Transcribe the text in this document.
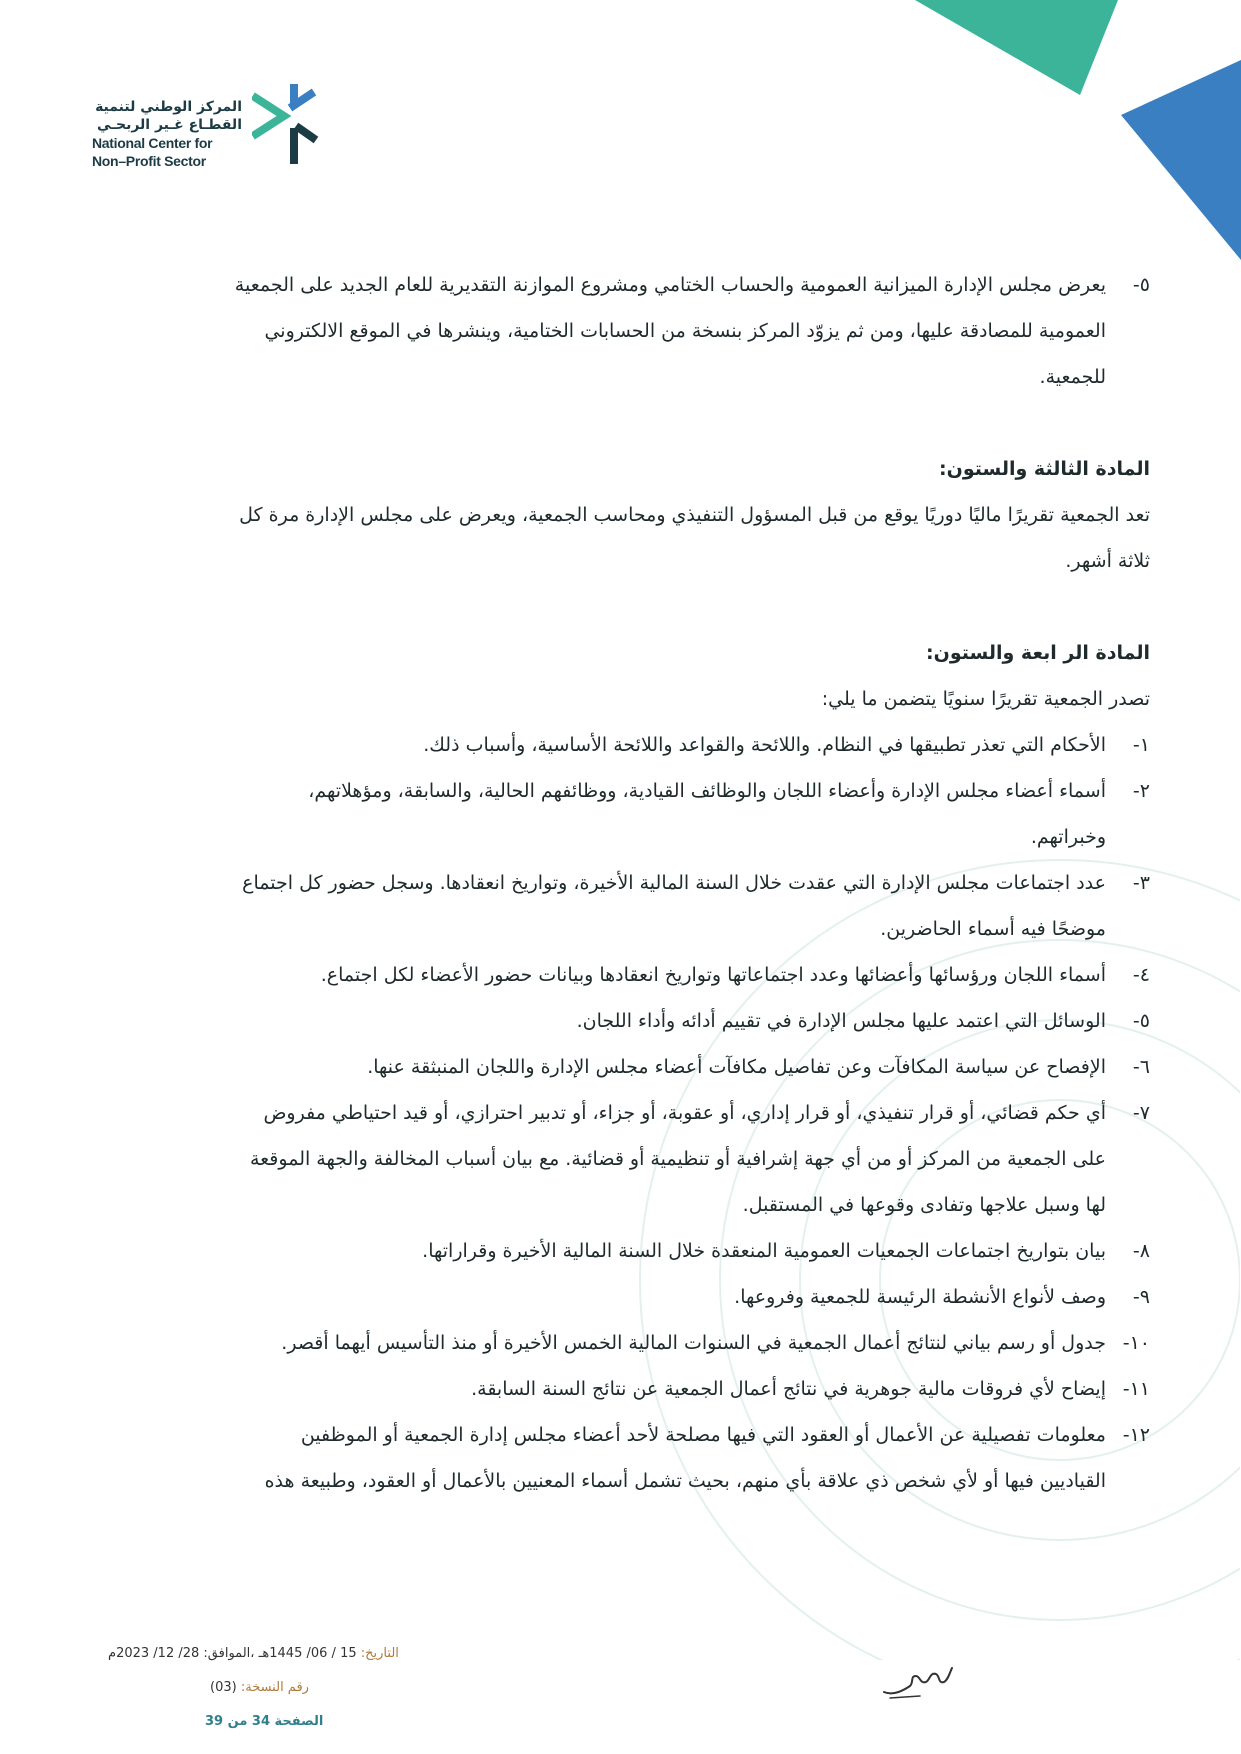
المركز الوطني لتنمية
القطـاع غـير الربحـي
National Center for
Non–Profit Sector
٥-
يعرض مجلس الإدارة الميزانية العمومية والحساب الختامي ومشروع الموازنة التقديرية للعام الجديد على الجمعية
العمومية للمصادقة عليها، ومن ثم يزوّد المركز بنسخة من الحسابات الختامية، وينشرها في الموقع الالكتروني
للجمعية.
المادة الثالثة والستون:
تعد الجمعية تقريرًا ماليًا دوريًا يوقع من قبل المسؤول التنفيذي ومحاسب الجمعية، ويعرض على مجلس الإدارة مرة كل
ثلاثة أشهر.
المادة الر ابعة والستون:
تصدر الجمعية تقريرًا سنويًا يتضمن ما يلي:
١-
الأحكام التي تعذر تطبيقها في النظام. واللائحة والقواعد واللائحة الأساسية، وأسباب ذلك.
٢-
أسماء أعضاء مجلس الإدارة وأعضاء اللجان والوظائف القيادية، ووظائفهم الحالية، والسابقة، ومؤهلاتهم،
وخبراتهم.
٣-
عدد اجتماعات مجلس الإدارة التي عقدت خلال السنة المالية الأخيرة، وتواريخ انعقادها. وسجل حضور كل اجتماع
موضحًا فيه أسماء الحاضرين.
٤-
أسماء اللجان ورؤسائها وأعضائها وعدد اجتماعاتها وتواريخ انعقادها وبيانات حضور الأعضاء لكل اجتماع.
٥-
الوسائل التي اعتمد عليها مجلس الإدارة في تقييم أدائه وأداء اللجان.
٦-
الإفصاح عن سياسة المكافآت وعن تفاصيل مكافآت أعضاء مجلس الإدارة واللجان المنبثقة عنها.
٧-
أي حكم قضائي، أو قرار تنفيذي، أو قرار إداري، أو عقوبة، أو جزاء، أو تدبير احترازي، أو قيد احتياطي مفروض
على الجمعية من المركز أو من أي جهة إشرافية أو تنظيمية أو قضائية. مع بيان أسباب المخالفة والجهة الموقعة
لها وسبل علاجها وتفادى وقوعها في المستقبل.
٨-
بيان بتواريخ اجتماعات الجمعيات العمومية المنعقدة خلال السنة المالية الأخيرة وقراراتها.
٩-
وصف لأنواع الأنشطة الرئيسة للجمعية وفروعها.
١٠-
جدول أو رسم بياني لنتائج أعمال الجمعية في السنوات المالية الخمس الأخيرة أو منذ التأسيس أيهما أقصر.
١١-
إيضاح لأي فروقات مالية جوهرية في نتائج أعمال الجمعية عن نتائج السنة السابقة.
١٢-
معلومات تفصيلية عن الأعمال أو العقود التي فيها مصلحة لأحد أعضاء مجلس إدارة الجمعية أو الموظفين
القياديين فيها أو لأي شخص ذي علاقة بأي منهم، بحيث تشمل أسماء المعنيين بالأعمال أو العقود، وطبيعة هذه
التاريخ: 15 / 06/ 1445هـ ،الموافق: 28/ 12/ 2023م
رقم النسخة: (03)
الصفحة 34 من 39
